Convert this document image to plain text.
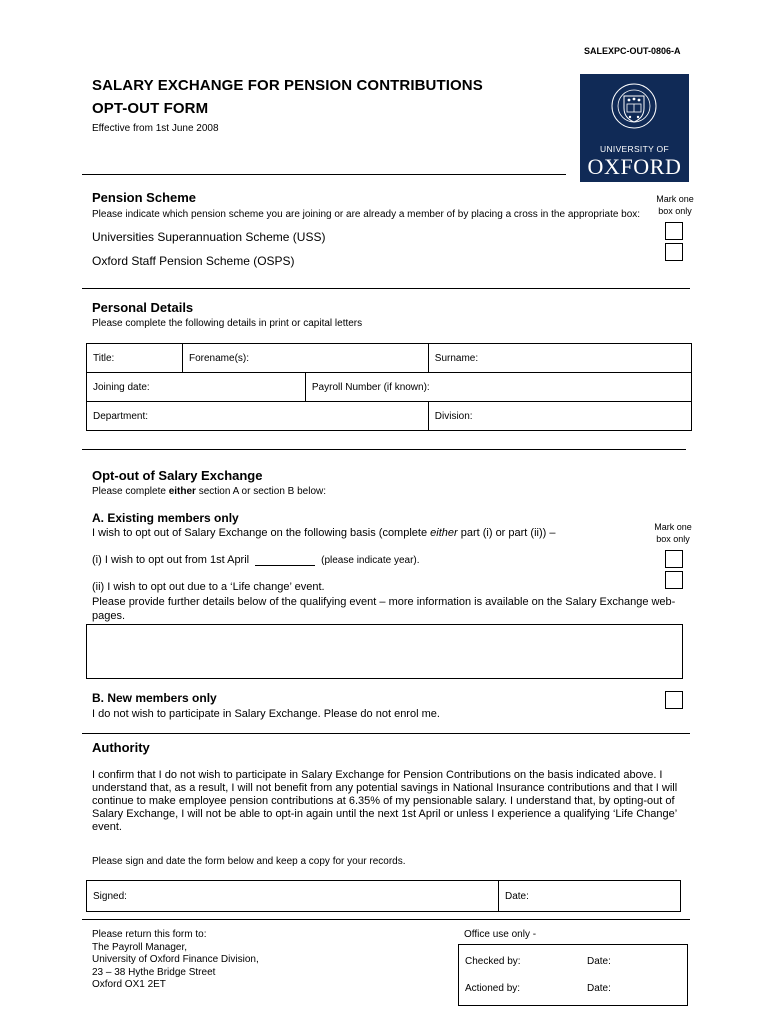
SALEXPC-OUT-0806-A
SALARY EXCHANGE FOR PENSION CONTRIBUTIONS
OPT-OUT FORM
Effective from 1st June 2008
UNIVERSITY OF
OXFORD
Pension Scheme
Please indicate which pension scheme you are joining or are already a member of by placing a cross in the appropriate box:
Mark one
box only
Universities Superannuation Scheme (USS)
Oxford Staff Pension Scheme (OSPS)
Personal Details
Please complete the following details in print or capital letters
Title:	Forename(s):		Surname:
Joining date:		Payroll Number (if known):	
Department:			Division:
Opt-out of Salary Exchange
Please complete either section A or section B below:
A. Existing members only
I wish to opt out of Salary Exchange on the following basis (complete either part (i) or part (ii)) –	Mark one
box only
(i) I wish to opt out from 1st April	(please indicate year).
(ii) I wish to opt out due to a ‘Life change’ event.
Please provide further details below of the qualifying event – more information is available on the Salary Exchange web-
pages.
B. New members only
I do not wish to participate in Salary Exchange. Please do not enrol me.
Authority
I confirm that I do not wish to participate in Salary Exchange for Pension Contributions on the basis indicated above. I
understand that, as a result, I will not benefit from any potential savings in National Insurance contributions and that I will
continue to make employee pension contributions at 6.35% of my pensionable salary. I understand that, by opting-out of
Salary Exchange, I will not be able to opt-in again until the next 1st April or unless I experience a qualifying ‘Life Change’
event.
Please sign and date the form below and keep a copy for your records.
Signed:	Date:
Please return this form to:
The Payroll Manager,
University of Oxford Finance Division,
23 – 38 Hythe Bridge Street
Oxford OX1 2ET
Office use only -
Checked by:	Date:
Actioned by:	Date:
